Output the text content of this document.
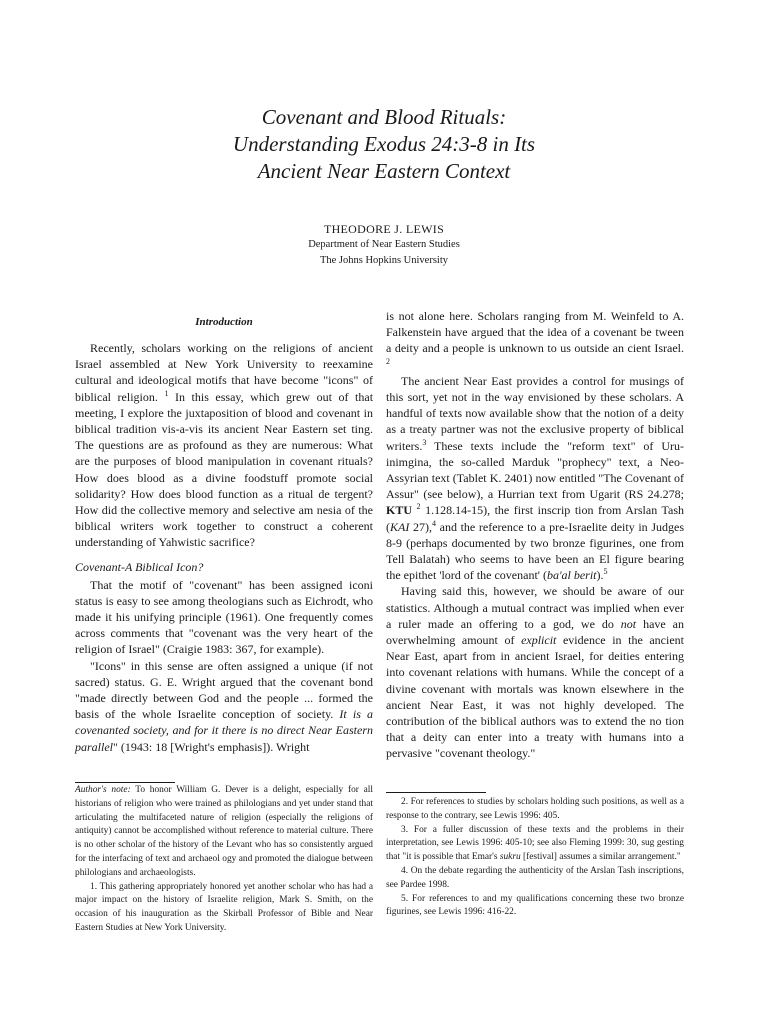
Covenant and Blood Rituals:
Understanding Exodus 24:3-8 in Its
Ancient Near Eastern Context
THEODORE J. LEWIS
Department of Near Eastern Studies
The Johns Hopkins University
Introduction

Recently, scholars working on the religions of ancient Israel assembled at New York University to reexamine cultural and ideological motifs that have become "icons" of biblical religion. $^1$ In this essay, which grew out of that meeting, I explore the juxtaposition of blood and covenant in biblical tradition vis-a-vis its ancient Near Eastern set ting. The questions are as profound as they are numerous: What are the purposes of blood manipulation in covenant rituals? How does blood as a divine foodstuff promote social solidarity? How does blood function as a ritual de tergent? How did the collective memory and selective am nesia of the biblical writers work together to construct a coherent understanding of Yahwistic sacrifice?

Covenant-A Biblical Icon?

That the motif of "covenant" has been assigned iconi status is easy to see among theologians such as Eichrodt, who made it his unifying principle (1961). One frequently comes across comments that "covenant was the very heart of the religion of Israel" (Craigie 1983: 367, for example).

"Icons" in this sense are often assigned a unique (if not sacred) status. G. E. Wright argued that the covenant bond "made directly between God and the people ... formed the basis of the whole Israelite conception of society. It is a covenanted society, and for it there is no direct Near Eastern parallel" (1943: 18 [Wright's emphasis]). Wright

is not alone here. Scholars ranging from M. Weinfeld to A. Falkenstein have argued that the idea of a covenant be tween a deity and a people is unknown to us outside an cient Israel. $^2$

The ancient Near East provides a control for musings of this sort, yet not in the way envisioned by these scholars. A handful of texts now available show that the notion of a deity as a treaty partner was not the exclusive property of biblical writers.$^3$ These texts include the "reform text" of Uru-inimgina, the so-called Marduk "prophecy" text, a Neo-Assyrian text (Tablet K. 2401) now entitled "The Covenant of Assur" (see below), a Hurrian text from Ugarit (RS 24.278; KTU $^2$ 1.128.14-15), the first inscrip tion from Arslan Tash (KAI 27),$^4$ and the reference to a pre-Israelite deity in Judges 8-9 (perhaps documented by two bronze figurines, one from Tell Balatah) who seems to have been an El figure bearing the epithet 'lord of the covenant' (ba'al berit).$^5$

Having said this, however, we should be aware of our statistics. Although a mutual contract was implied when ever a ruler made an offering to a god, we do not have an overwhelming amount of explicit evidence in the ancient Near East, apart from in ancient Israel, for deities entering into covenant relations with humans. While the concept of a divine covenant with mortals was known elsewhere in the ancient Near East, it was not highly developed. The contribution of the biblical authors was to extend the no tion that a deity can enter into a treaty with humans into a pervasive "covenant theology."

Author's note: To honor William G. Dever is a delight, especially for all historians of religion who were trained as philologians and yet under stand that articulating the multifaceted nature of religion (especially the religions of antiquity) cannot be accomplished without reference to material culture. There is no other scholar of the history of the Levant who has so consistently argued for the interfacing of text and archaeol ogy and promoted the dialogue between philologians and archaeologists.

1. This gathering appropriately honored yet another scholar who has had a major impact on the history of Israelite religion, Mark S. Smith, on the occasion of his inauguration as the Skirball Professor of Bible and Near Eastern Studies at New York University.

2. For references to studies by scholars holding such positions, as well as a response to the contrary, see Lewis 1996: 405.

3. For a fuller discussion of these texts and the problems in their interpretation, see Lewis 1996: 405-10; see also Fleming 1999: 30, sug gesting that "it is possible that Emar's sukru [festival] assumes a similar arrangement."

4. On the debate regarding the authenticity of the Arslan Tash inscriptions, see Pardee 1998.

5. For references to and my qualifications concerning these two bronze figurines, see Lewis 1996: 416-22.
